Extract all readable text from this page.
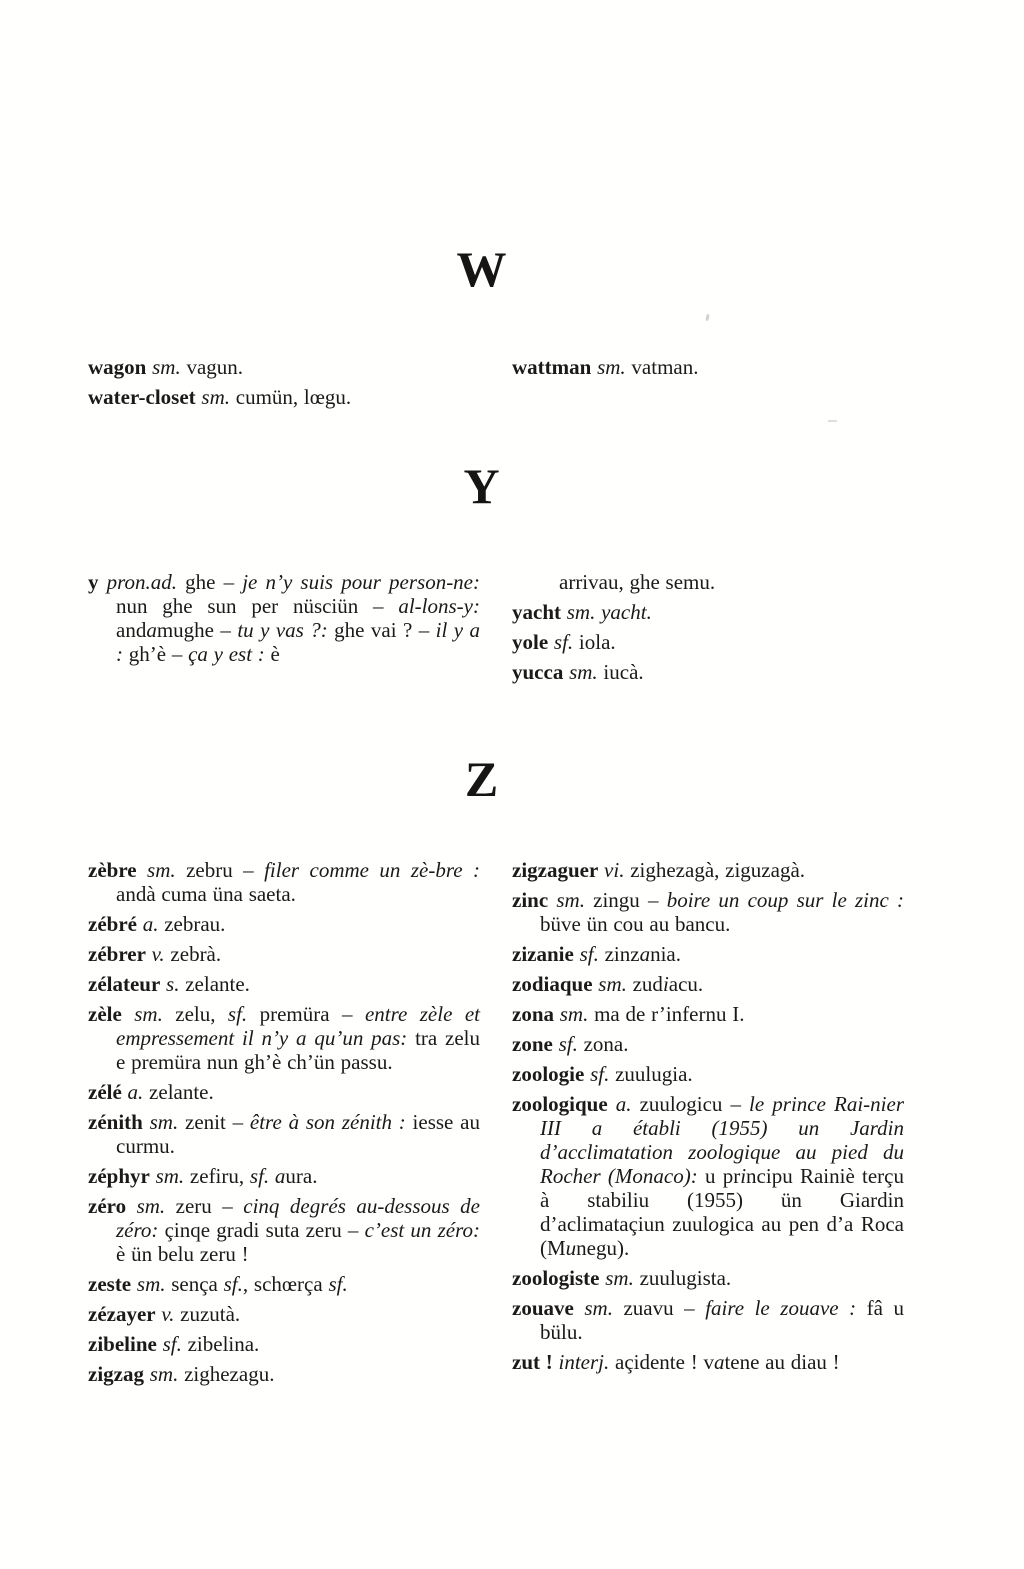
W

wagon sm. vagun.

water-closet sm. cumün, lœgu.

wattman sm. vatman.

Y

y pron.ad. ghe – je n’y suis pour person-ne: nun ghe sun per nüsciün – al-lons-y: andamughe – tu y vas ?: ghe vai ? – il y a : gh’è – ça y est : è

arrivau, ghe semu.

yacht sm. yacht.

yole sf. iola.

yucca sm. iucà.

Z

zèbre sm. zebru – filer comme un zè-bre : andà cuma üna saeta.

zébré a. zebrau.

zébrer v. zebrà.

zélateur s. zelante.

zèle sm. zelu, sf. premüra – entre zèle et empressement il n’y a qu’un pas: tra zelu e premüra nun gh’è ch’ün passu.

zélé a. zelante.

zénith sm. zenit – être à son zénith : iesse au curmu.

zéphyr sm. zefiru, sf. aura.

zéro sm. zeru – cinq degrés au-dessous de zéro: çinqe gradi suta zeru – c’est un zéro: è ün belu zeru !

zeste sm. sença sf., schœrça sf.

zézayer v. zuzutà.

zibeline sf. zibelina.

zigzag sm. zighezagu.

zigzaguer vi. zighezagà, ziguzagà.

zinc sm. zingu – boire un coup sur le zinc : büve ün cou au bancu.

zizanie sf. zinzania.

zodiaque sm. zudiacu.

zona sm. ma de r’infernu I.

zone sf. zona.

zoologie sf. zuulugia.

zoologique a. zuulogicu – le prince Rai-nier III a établi (1955) un Jardin d’acclimatation zoologique au pied du Rocher (Monaco): u principu Rainiè terçu à stabiliu (1955) ün Giardin d’aclimataçiun zuulogica au pen d’a Roca (Munegu).

zoologiste sm. zuulugista.

zouave sm. zuavu – faire le zouave : fâ u bülu.

zut ! interj. açidente ! vatene au diau !
